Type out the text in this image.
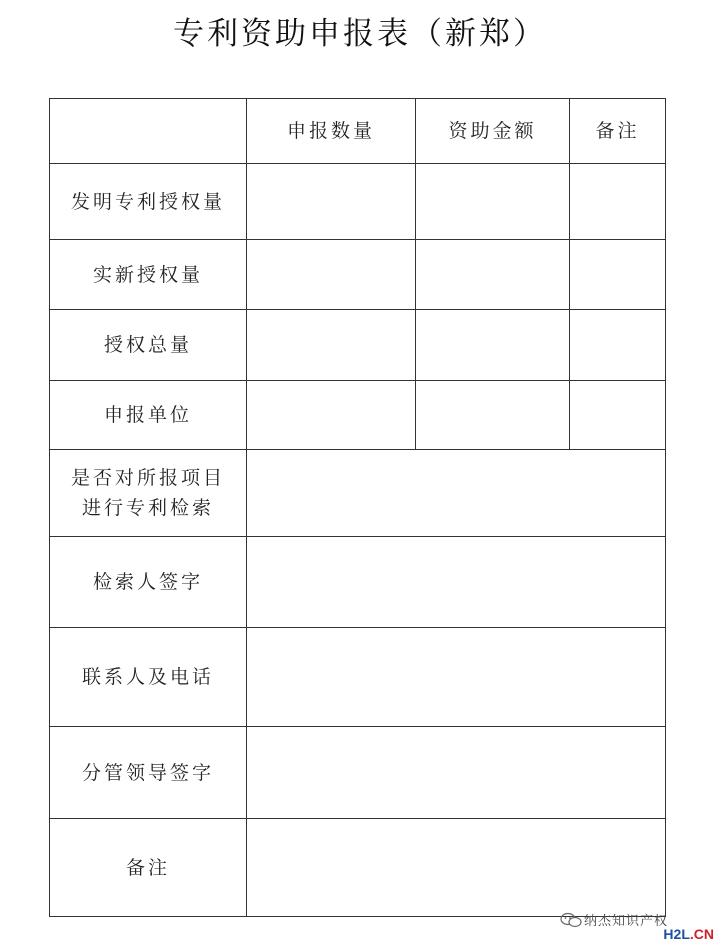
专利资助申报表（新郑）
	申报数量	资助金额	备注
发明专利授权量			
实新授权量			
授权总量			
申报单位			
是否对所报项目
进行专利检索			
检索人签字			
联系人及电话			
分管领导签字			
备注			
纳杰知识产权
H2L.CN
